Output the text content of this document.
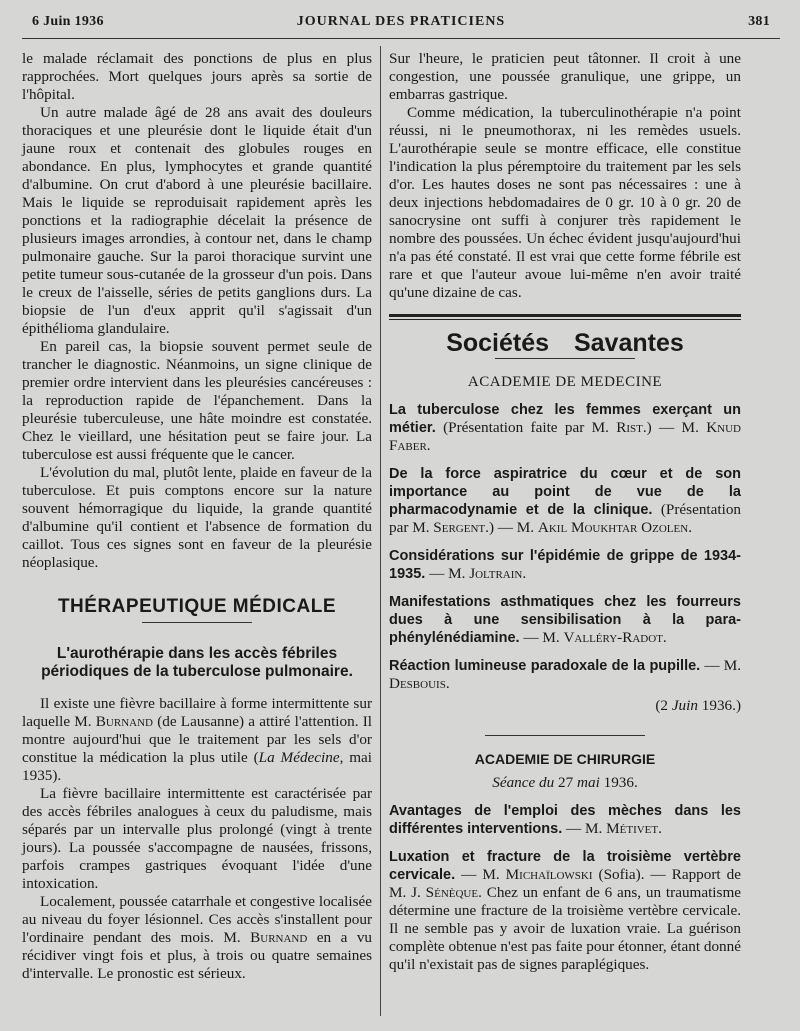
6 Juin 1936	JOURNAL DES PRATICIENS	381

le malade réclamait des ponctions de plus en plus rapprochées. Mort quelques jours après sa sortie de l'hôpital.

Un autre malade âgé de 28 ans avait des douleurs thoraciques et une pleurésie dont le liquide était d'un jaune roux et contenait des globules rouges en abondance. En plus, lymphocytes et grande quantité d'albumine. On crut d'abord à une pleurésie bacillaire. Mais le liquide se reproduisait rapidement après les ponctions et la radiographie décelait la présence de plusieurs images arrondies, à contour net, dans le champ pulmonaire gauche. Sur la paroi thoracique survint une petite tumeur sous-cutanée de la grosseur d'un pois. Dans le creux de l'aisselle, séries de petits ganglions durs. La biopsie de l'un d'eux apprit qu'il s'agissait d'un épithélioma glandulaire.

En pareil cas, la biopsie souvent permet seule de trancher le diagnostic. Néanmoins, un signe clinique de premier ordre intervient dans les pleurésies cancéreuses : la reproduction rapide de l'épanchement. Dans la pleurésie tuberculeuse, une hâte moindre est constatée. Chez le vieillard, une hésitation peut se faire jour. La tuberculose est aussi fréquente que le cancer.

L'évolution du mal, plutôt lente, plaide en faveur de la tuberculose. Et puis comptons encore sur la nature souvent hémorragique du liquide, la grande quantité d'albumine qu'il contient et l'absence de formation du caillot. Tous ces signes sont en faveur de la pleurésie néoplasique.

THÉRAPEUTIQUE MÉDICALE
L'aurothérapie dans les accès fébriles périodiques de la tuberculose pulmonaire.

Il existe une fièvre bacillaire à forme intermittente sur laquelle M. Burnand (de Lausanne) a attiré l'attention. Il montre aujourd'hui que le traitement par les sels d'or constitue la médication la plus utile (La Médecine, mai 1935).

La fièvre bacillaire intermittente est caractérisée par des accès fébriles analogues à ceux du paludisme, mais séparés par un intervalle plus prolongé (vingt à trente jours). La poussée s'accompagne de nausées, frissons, parfois crampes gastriques évoquant l'idée d'une intoxication.

Localement, poussée catarrhale et congestive localisée au niveau du foyer lésionnel. Ces accès s'installent pour l'ordinaire pendant des mois. M. Burnand en a vu récidiver vingt fois et plus, à trois ou quatre semaines d'intervalle. Le pronostic est sérieux.

Sur l'heure, le praticien peut tâtonner. Il croit à une congestion, une poussée granulique, une grippe, un embarras gastrique.

Comme médication, la tuberculinothérapie n'a point réussi, ni le pneumothorax, ni les remèdes usuels. L'aurothérapie seule se montre efficace, elle constitue l'indication la plus péremptoire du traitement par les sels d'or. Les hautes doses ne sont pas nécessaires : une à deux injections hebdomadaires de 0 gr. 10 à 0 gr. 20 de sanocrysine ont suffi à conjurer très rapidement le nombre des poussées. Un échec évident jusqu'aujourd'hui n'a pas été constaté. Il est vrai que cette forme fébrile est rare et que l'auteur avoue lui-même n'en avoir traité qu'une dizaine de cas.

Sociétés Savantes
ACADEMIE DE MEDECINE

La tuberculose chez les femmes exerçant un métier. (Présentation faite par M. Rist.) — M. Knud Faber.

De la force aspiratrice du cœur et de son importance au point de vue de la pharmacodynamie et de la clinique. (Présentation par M. Sergent.) — M. Akil Moukhtar Ozolen.

Considérations sur l'épidémie de grippe de 1934-1935. — M. Joltrain.

Manifestations asthmatiques chez les fourreurs dues à une sensibilisation à la para-phénylénédiamine. — M. Valléry-Radot.

Réaction lumineuse paradoxale de la pupille. — M. Desbouis.

(2 Juin 1936.)

ACADEMIE DE CHIRURGIE

Séance du 27 mai 1936.

Avantages de l'emploi des mèches dans les différentes interventions. — M. Métivet.

Luxation et fracture de la troisième vertèbre cervicale. — M. Michaïlowski (Sofia). — Rapport de M. J. Sénèque. Chez un enfant de 6 ans, un traumatisme détermine une fracture de la troisième vertèbre cervicale. Il ne semble pas y avoir de luxation vraie. La guérison complète obtenue n'est pas faite pour étonner, étant donné qu'il n'existait pas de signes paraplégiques.
